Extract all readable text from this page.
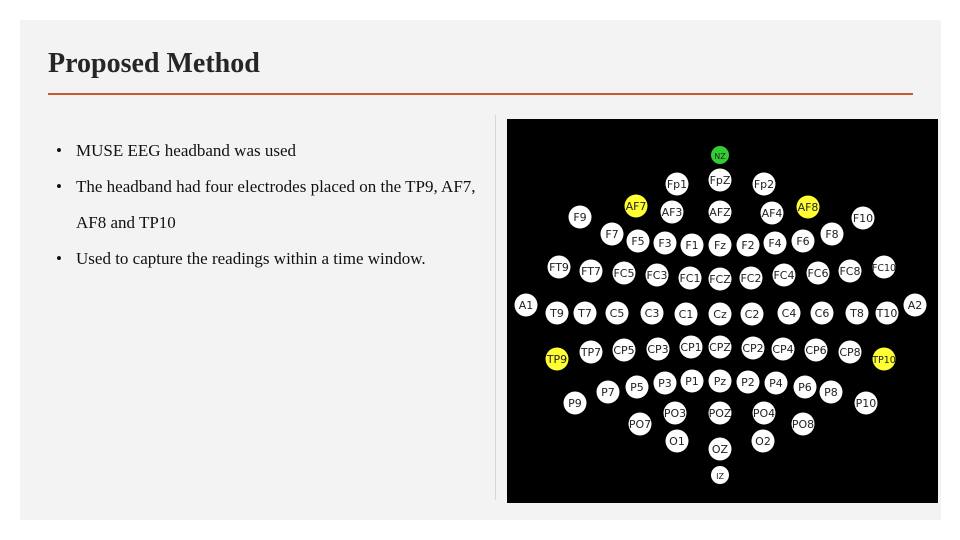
Proposed Method
• MUSE EEG headband was used
• The headband had four electrodes placed on the TP9, AF7, AF8 and TP10
• Used to capture the readings within a time window.
NZ
Fp1 FpZ Fp2
AF7 AF3 AFZ	AF4 AF8
F9	F10
F7
F5 F3 F1 Fz F2 F4 F6
F8
FT9 FT7 FC5 FC3 FC1 FCZ FC2 FC4 FC6 FC8 FC10
A1
T9 T7 C5 C3 C1 Cz C2 C4 C6 T8 T10
A2
TP9
TP7 CP5 CP3 CP1 CPZ CP2 CP4 CP6 CP8
TP10
P9
P7 P5 P3 P1 Pz P2 P4 P6 P8
P10
PO3 POZ PO4
PO7	PO8
O1
OZ
O2
IZ
